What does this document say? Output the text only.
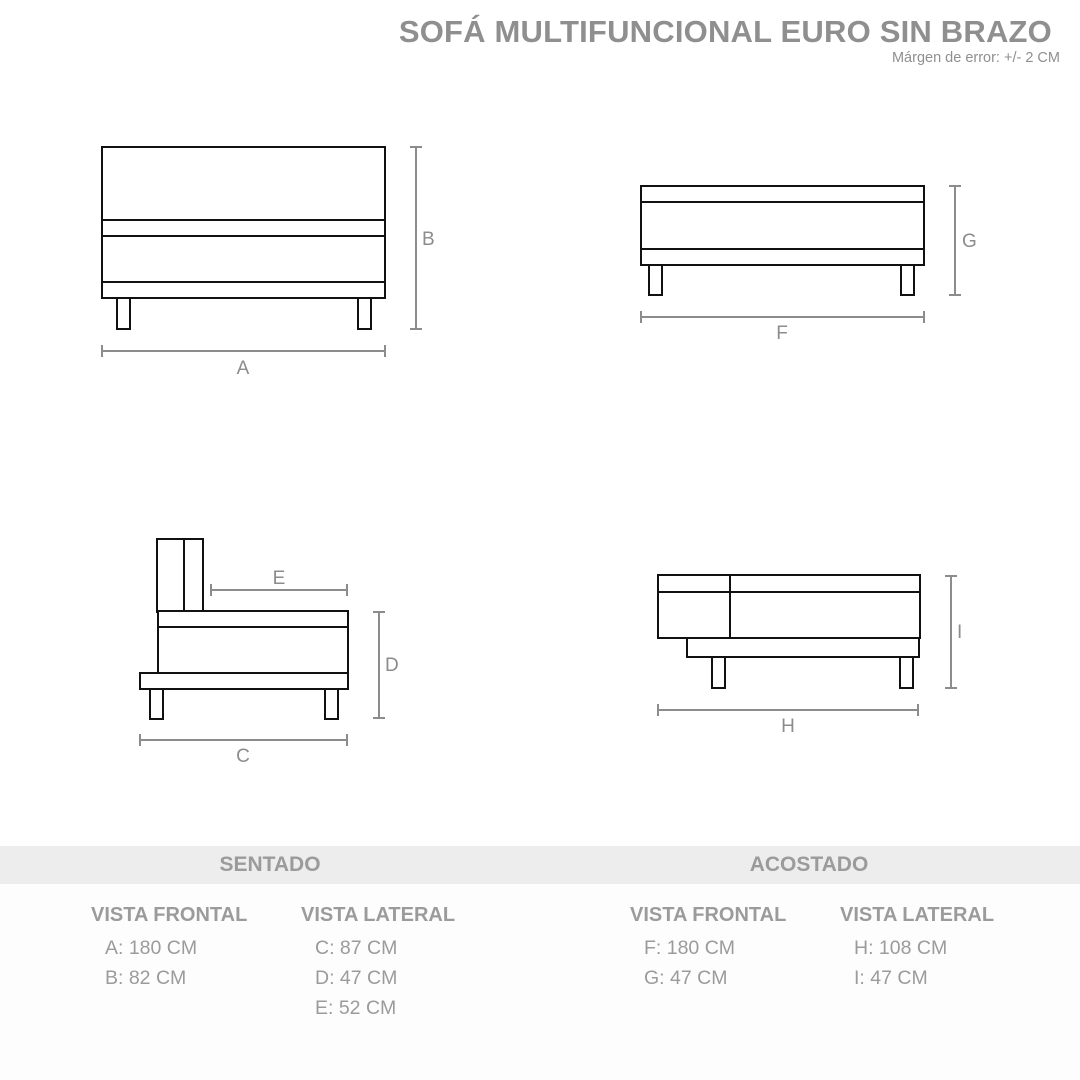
SOFÁ MULTIFUNCIONAL EURO SIN BRAZO
Márgen de error: +/- 2 CM
A
B
F
G
E
D
C
H
I
SENTADO	ACOSTADO
VISTA FRONTAL
A: 180 CM
B: 82 CM
VISTA LATERAL
C: 87 CM
D: 47 CM
E: 52 CM
VISTA FRONTAL
F: 180 CM
G: 47 CM
VISTA LATERAL
H: 108 CM
I: 47 CM
